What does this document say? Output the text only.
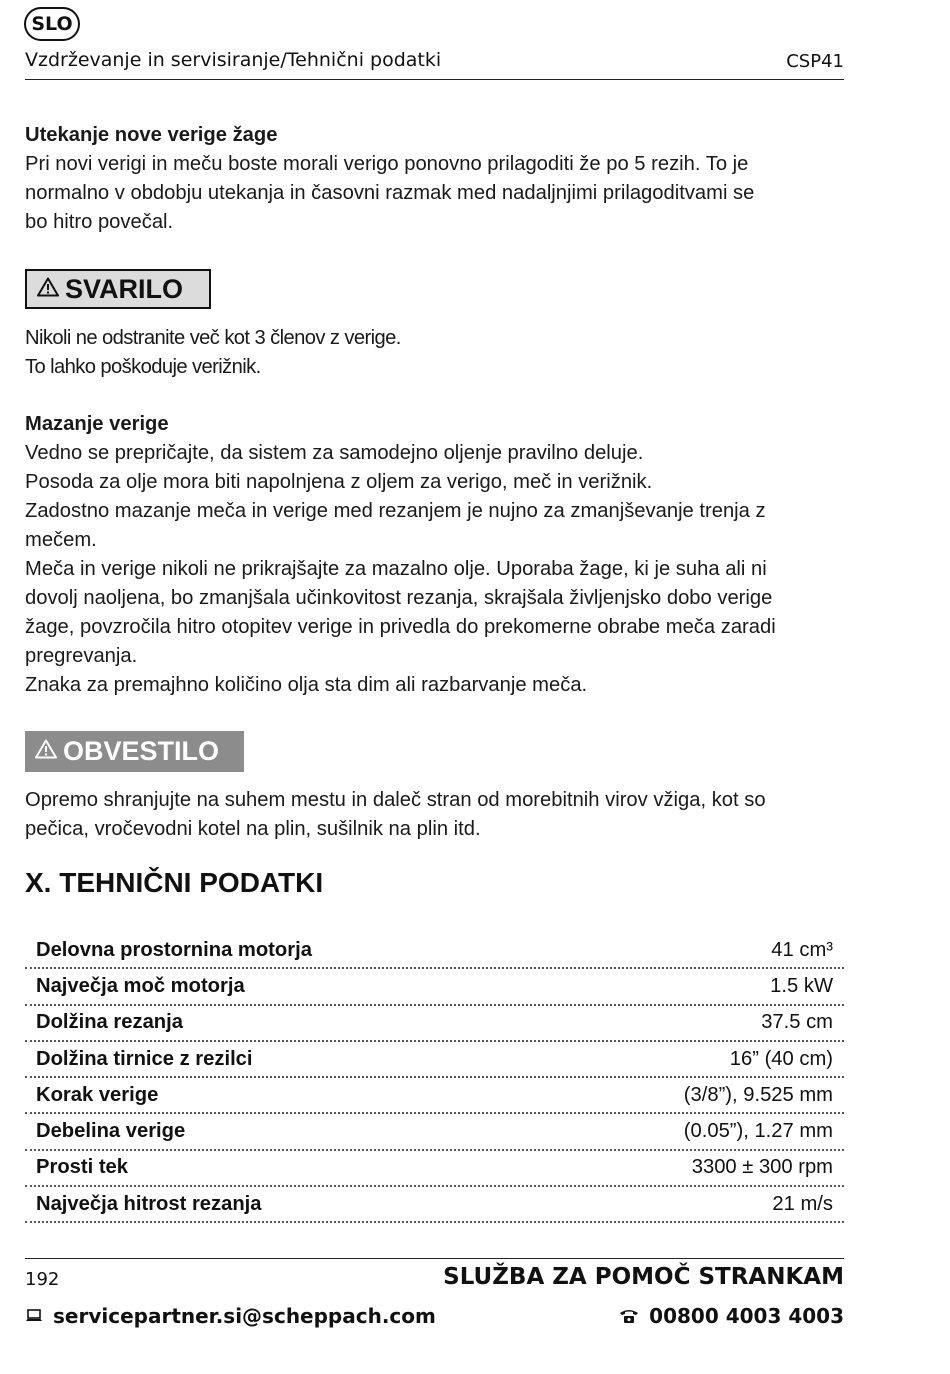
SLO
Vzdrževanje in servisiranje/Tehnični podatki	CSP41

Utekanje nove verige žage

Pri novi verigi in meču boste morali verigo ponovno prilagoditi že po 5 rezih. To je

normalno v obdobju utekanja in časovni razmak med nadaljnjimi prilagoditvami se

bo hitro povečal.

SVARILO

Nikoli ne odstranite več kot 3 členov z verige.

To lahko poškoduje verižnik.

Mazanje verige

Vedno se prepričajte, da sistem za samodejno oljenje pravilno deluje.

Posoda za olje mora biti napolnjena z oljem za verigo, meč in verižnik.

Zadostno mazanje meča in verige med rezanjem je nujno za zmanjševanje trenja z

mečem.

Meča in verige nikoli ne prikrajšajte za mazalno olje. Uporaba žage, ki je suha ali ni

dovolj naoljena, bo zmanjšala učinkovitost rezanja, skrajšala življenjsko dobo verige

žage, povzročila hitro otopitev verige in privedla do prekomerne obrabe meča zaradi

pregrevanja.

Znaka za premajhno količino olja sta dim ali razbarvanje meča.

OBVESTILO

Opremo shranjujte na suhem mestu in daleč stran od morebitnih virov vžiga, kot so

pečica, vročevodni kotel na plin, sušilnik na plin itd.

X. TEHNIČNI PODATKI
Delovna prostornina motorja	41 cm³
Največja moč motorja	1.5 kW
Dolžina rezanja	37.5 cm
Dolžina tirnice z rezilci	16” (40 cm)
Korak verige	(3/8”), 9.525 mm
Debelina verige	(0.05”), 1.27 mm
Prosti tek	3300 ± 300 rpm
Največja hitrost rezanja	21 m/s
192	SLUŽBA ZA POMOČ STRANKAM
servicepartner.si@scheppach.com	00800 4003 4003
